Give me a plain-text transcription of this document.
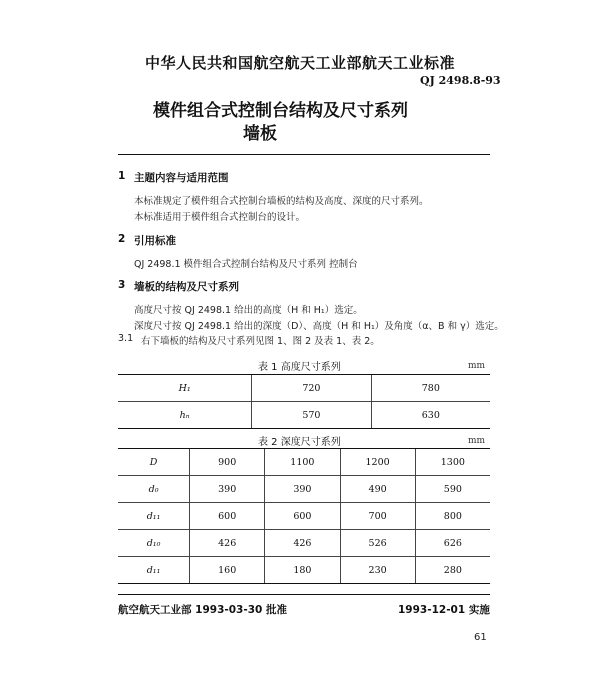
中华人民共和国航空航天工业部航天工业标准
QJ 2498.8-93
模件组合式控制台结构及尺寸系列
墙板
1 主题内容与适用范围
本标准规定了模件组合式控制台墙板的结构及高度、深度的尺寸系列。
本标准适用于模件组合式控制台的设计。
2 引用标准
QJ 2498.1 模件组合式控制台结构及尺寸系列 控制台
3 墙板的结构及尺寸系列
高度尺寸按 QJ 2498.1 给出的高度（H 和 H₁）选定。
深度尺寸按 QJ 2498.1 给出的深度（D）、高度（H 和 H₁）及角度（α、B 和 γ）选定。
3.1 右下墙板的结构及尺寸系列见图 1、图 2 及表 1、表 2。
表 1 高度尺寸系列	mm
H₁	720	780
hₙ	570	630
表 2 深度尺寸系列	mm
D	900	1100	1200	1300
d₀	390	390	490	590
d₁₁	600	600	700	800
d₁₀	426	426	526	626
d₁₁	160	180	230	280
航空航天工业部 1993-03-30 批准	1993-12-01 实施
61
